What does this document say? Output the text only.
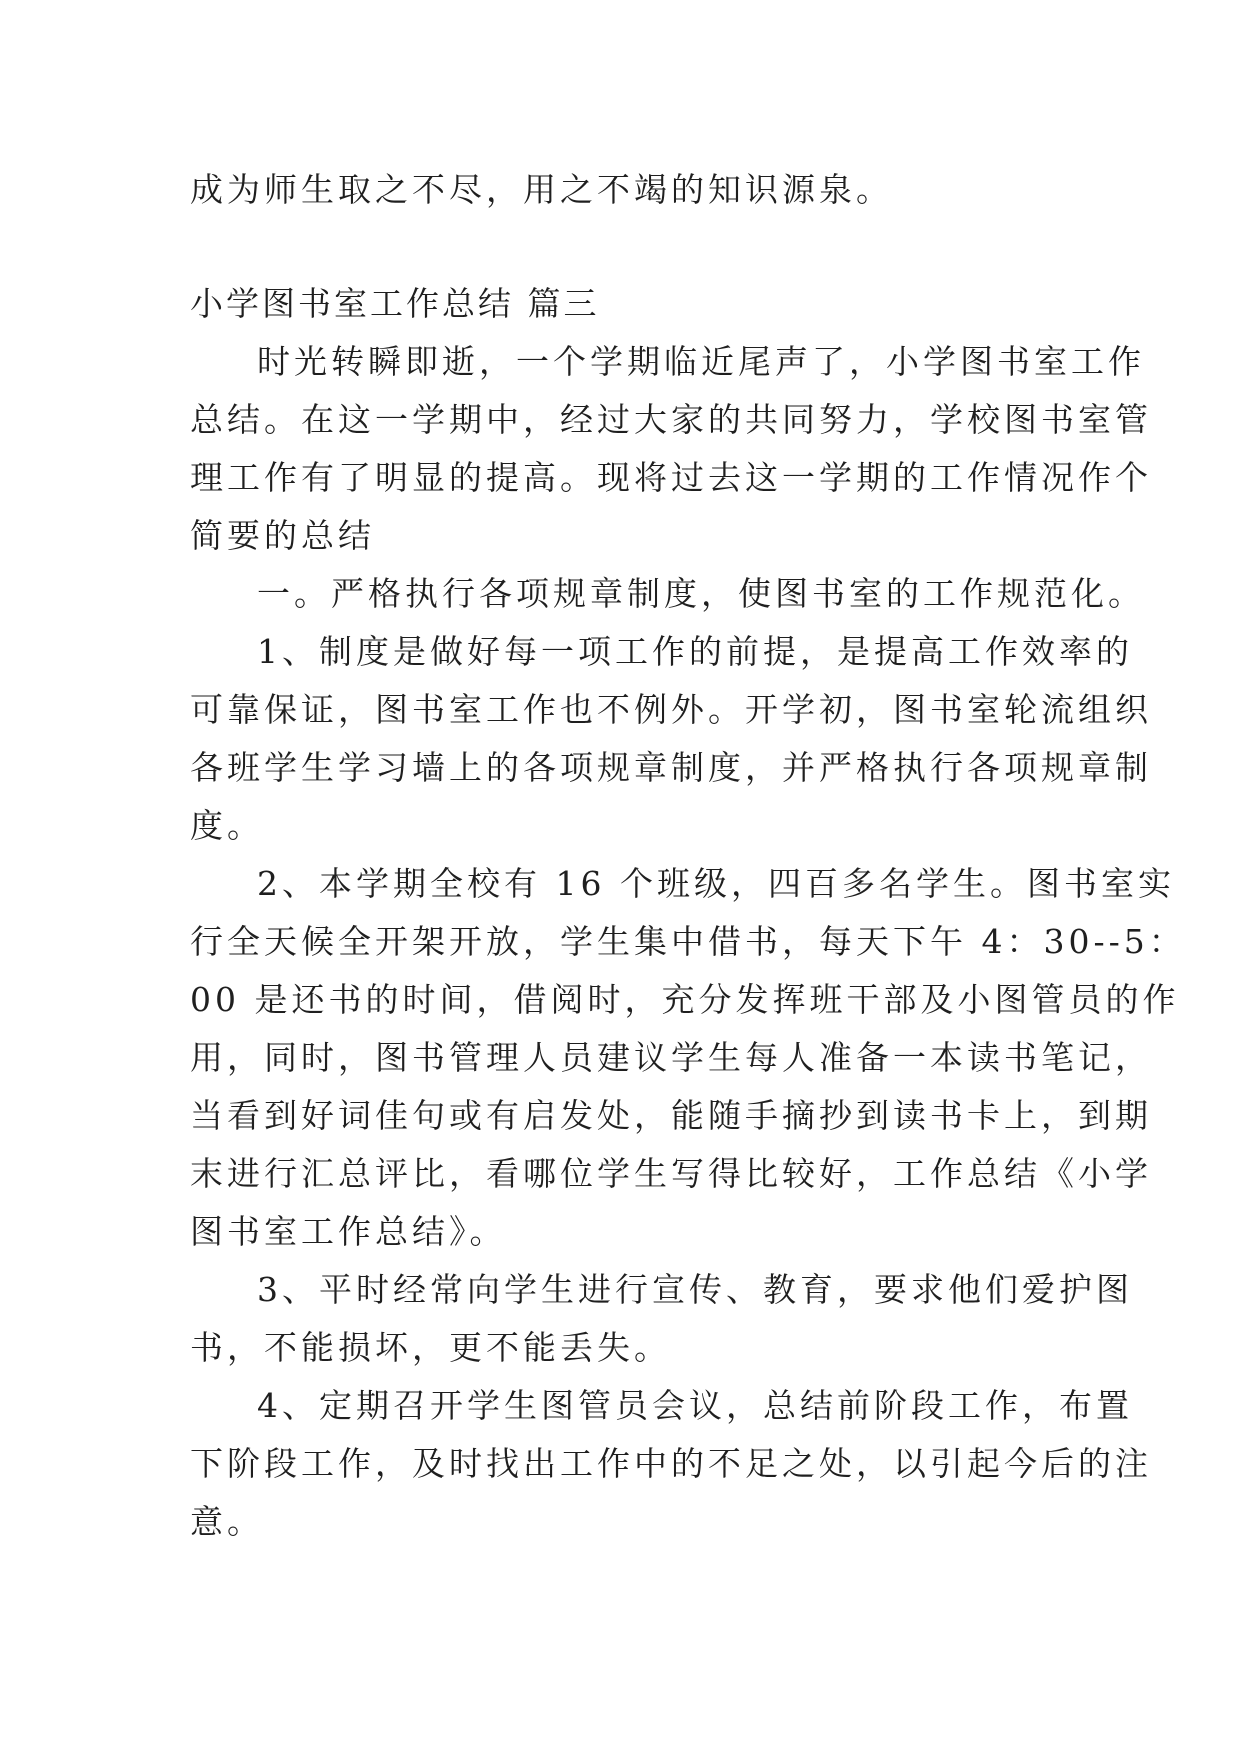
成为师生取之不尽，用之不竭的知识源泉。
小学图书室工作总结 篇三
时光转瞬即逝，一个学期临近尾声了，小学图书室工作
总结。在这一学期中，经过大家的共同努力，学校图书室管
理工作有了明显的提高。现将过去这一学期的工作情况作个
简要的总结
一。严格执行各项规章制度，使图书室的工作规范化。
1、制度是做好每一项工作的前提，是提高工作效率的
可靠保证，图书室工作也不例外。开学初，图书室轮流组织
各班学生学习墙上的各项规章制度，并严格执行各项规章制
度。
2、本学期全校有 16 个班级，四百多名学生。图书室实
行全天候全开架开放，学生集中借书，每天下午 4：30--5：
00 是还书的时间，借阅时，充分发挥班干部及小图管员的作
用，同时，图书管理人员建议学生每人准备一本读书笔记，
当看到好词佳句或有启发处，能随手摘抄到读书卡上，到期
末进行汇总评比，看哪位学生写得比较好，工作总结《小学
图书室工作总结》。
3、平时经常向学生进行宣传、教育，要求他们爱护图
书，不能损坏，更不能丢失。
4、定期召开学生图管员会议，总结前阶段工作，布置
下阶段工作，及时找出工作中的不足之处，以引起今后的注
意。
